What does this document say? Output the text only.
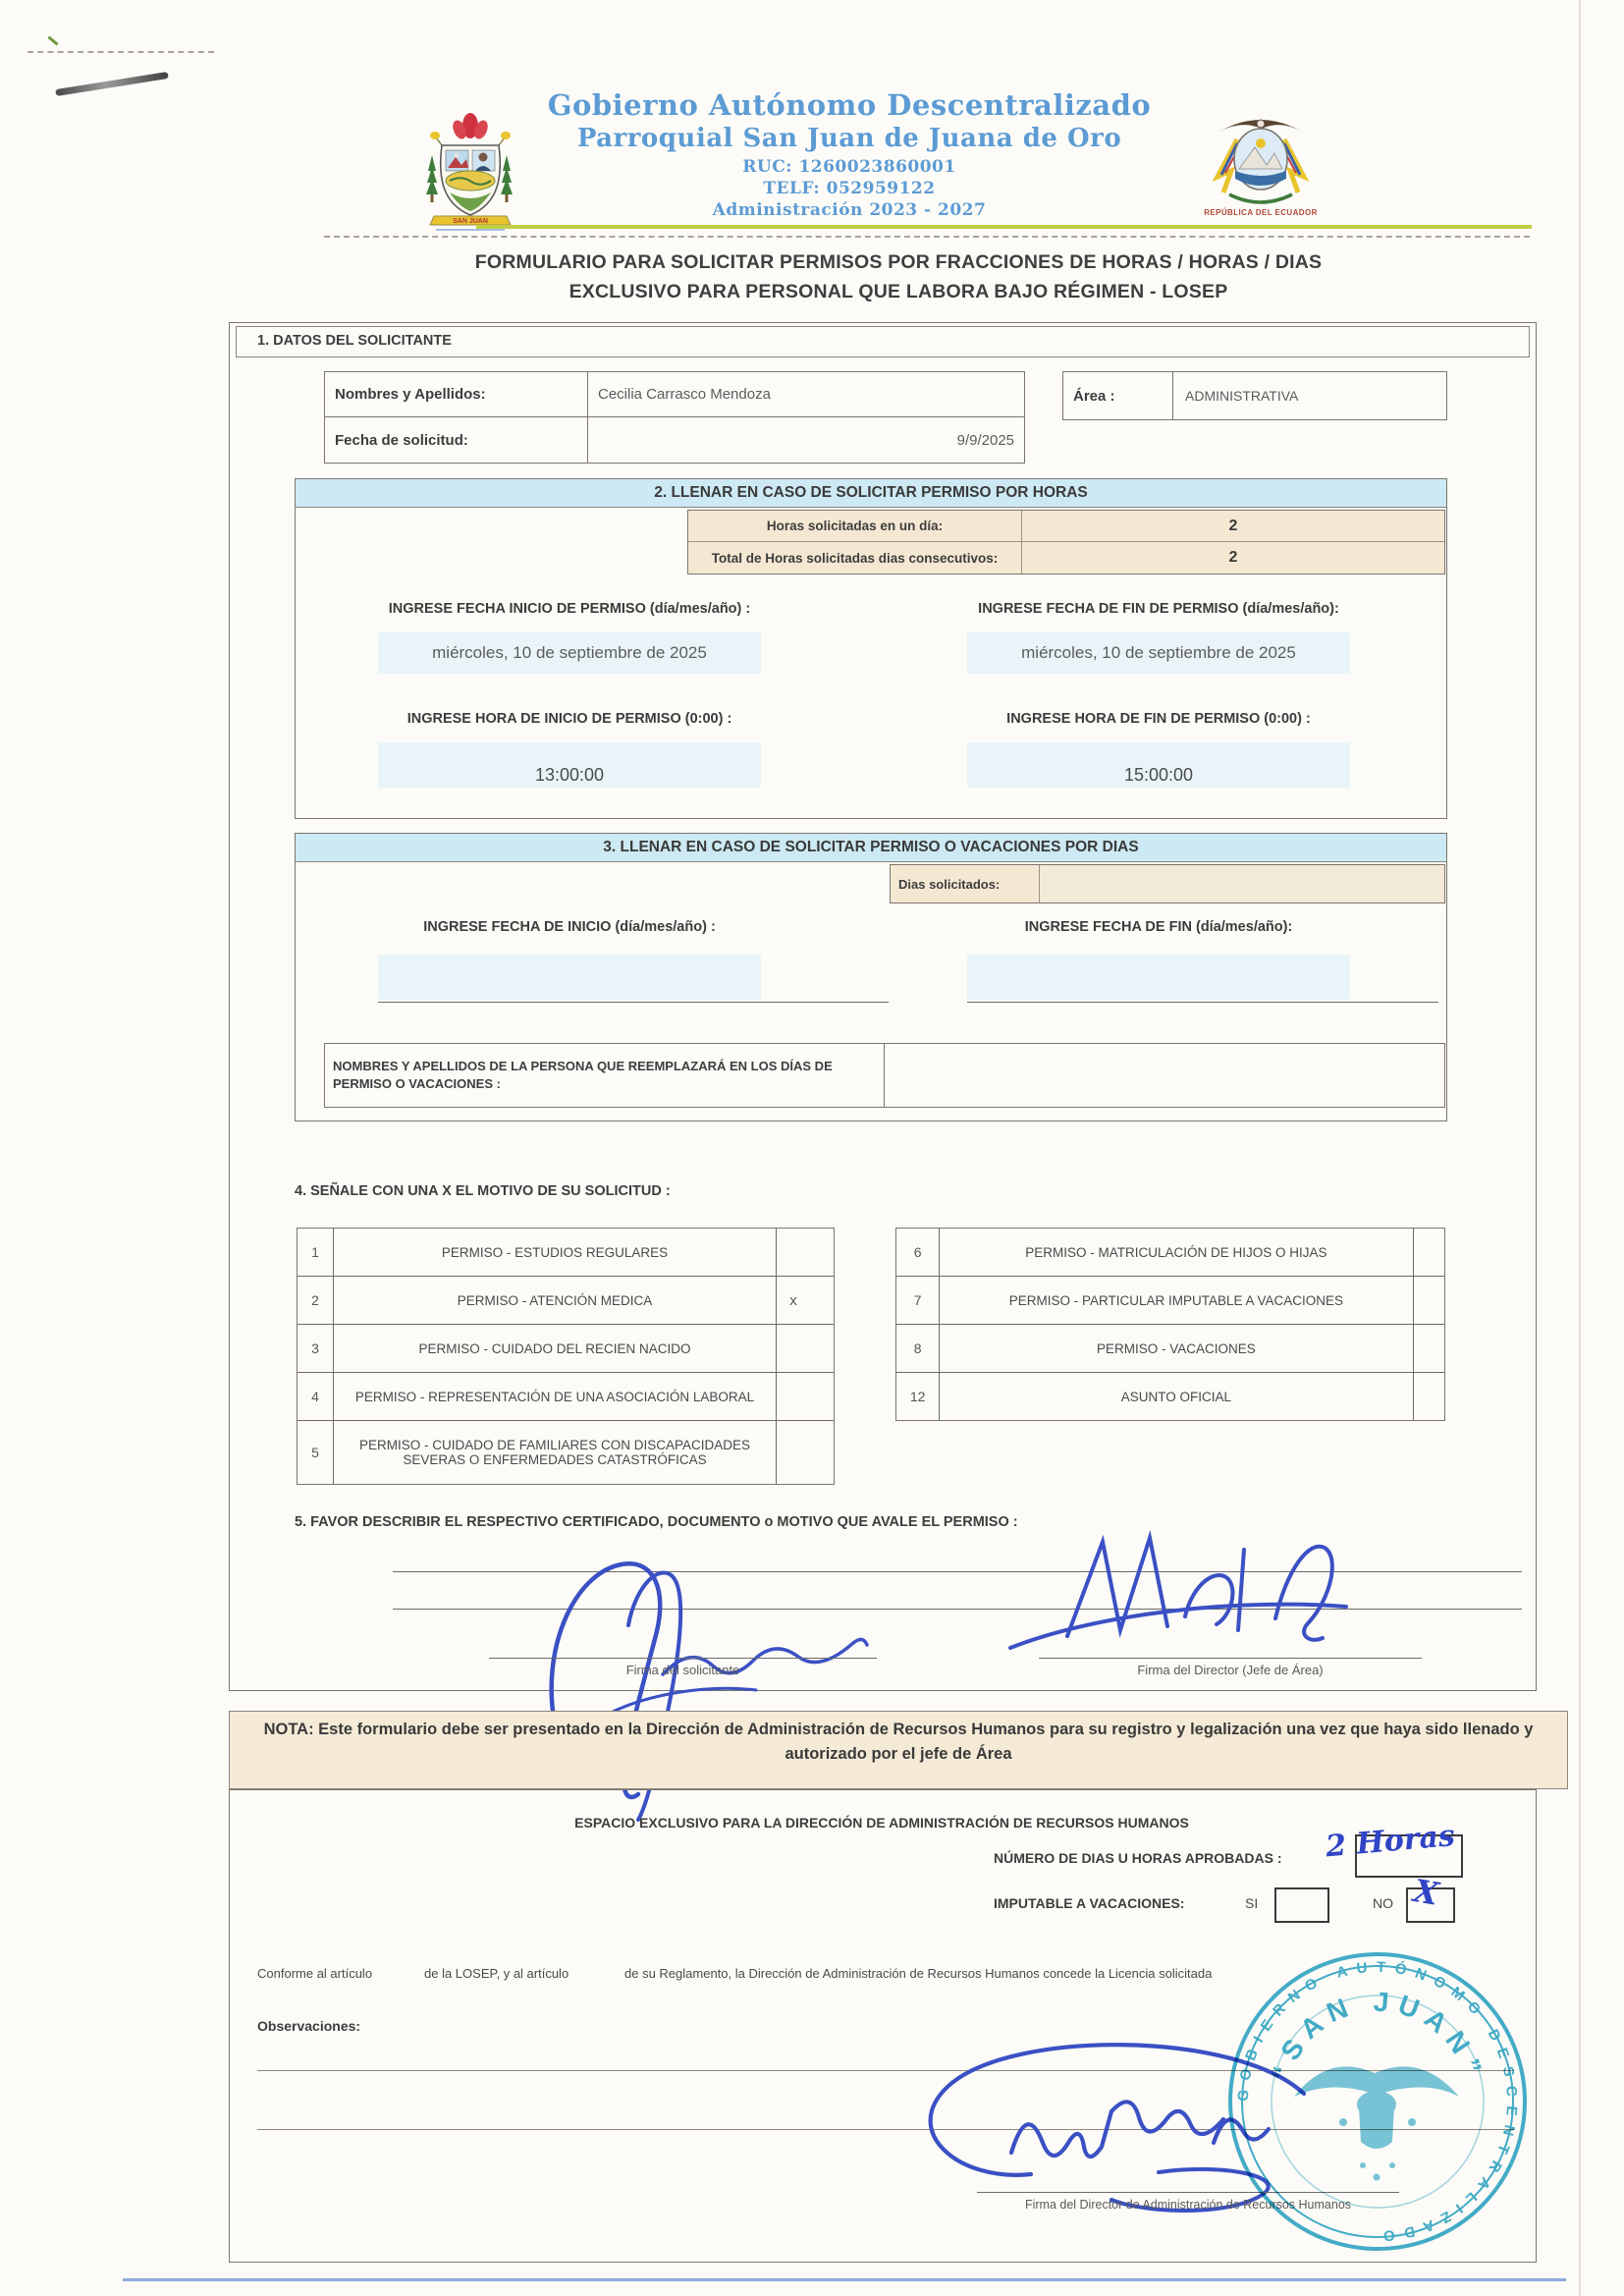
SAN JUAN
Gobierno Autónomo Descentralizado
Parroquial San Juan de Juana de Oro
RUC: 1260023860001
TELF: 052959122
Administración 2023 - 2027	REPÚBLICA DEL ECUADOR
FORMULARIO PARA SOLICITAR PERMISOS POR FRACCIONES DE HORAS / HORAS / DIAS
EXCLUSIVO PARA PERSONAL QUE LABORA BAJO RÉGIMEN - LOSEP
1. DATOS DEL SOLICITANTE
Nombres y Apellidos:	Cecilia Carrasco Mendoza
Fecha de solicitud:	9/9/2025
Área :	ADMINISTRATIVA
2. LLENAR EN CASO DE SOLICITAR PERMISO POR HORAS
Horas solicitadas en un día:	2
Total de Horas solicitadas dias consecutivos:	2
INGRESE FECHA INICIO DE PERMISO (día/mes/año) :	INGRESE FECHA DE FIN DE PERMISO (día/mes/año):
miércoles, 10 de septiembre de 2025	miércoles, 10 de septiembre de 2025
INGRESE HORA DE INICIO DE PERMISO (0:00) :	INGRESE HORA DE FIN DE PERMISO (0:00) :
13:00:00	15:00:00
3. LLENAR EN CASO DE SOLICITAR PERMISO O VACACIONES POR DIAS
Dias solicitados:
INGRESE FECHA DE INICIO (día/mes/año) :	INGRESE FECHA DE FIN (día/mes/año):
NOMBRES Y APELLIDOS DE LA PERSONA QUE REEMPLAZARÁ EN LOS DÍAS DE PERMISO O VACACIONES :
4. SEÑALE CON UNA X EL MOTIVO DE SU SOLICITUD :
1	PERMISO - ESTUDIOS REGULARES
2	PERMISO - ATENCIÓN MEDICA	x
3	PERMISO - CUIDADO DEL RECIEN NACIDO
4	PERMISO - REPRESENTACIÓN DE UNA ASOCIACIÓN LABORAL
5	PERMISO - CUIDADO DE FAMILIARES CON DISCAPACIDADES SEVERAS O ENFERMEDADES CATASTRÓFICAS
6	PERMISO - MATRICULACIÓN DE HIJOS O HIJAS
7	PERMISO - PARTICULAR IMPUTABLE A VACACIONES
8	PERMISO - VACACIONES
12	ASUNTO OFICIAL
5. FAVOR DESCRIBIR EL RESPECTIVO CERTIFICADO, DOCUMENTO o MOTIVO QUE AVALE EL PERMISO :
Firma del solicitante	Firma del Director (Jefe de Área)
NOTA: Este formulario debe ser presentado en la Dirección de Administración de Recursos Humanos para su registro y legalización una vez que haya sido llenado y autorizado por el jefe de Área
ESPACIO EXCLUSIVO PARA LA DIRECCIÓN DE ADMINISTRACIÓN DE RECURSOS HUMANOS
NÚMERO DE DIAS U HORAS APROBADAS : 2 Horas
IMPUTABLE A VACACIONES:	SI	NO X
Conforme al artículo	de la LOSEP, y al artículo	de su Reglamento, la Dirección de Administración de Recursos Humanos concede la Licencia solicitada
Observaciones:
Firma del Director de Administración de Recursos Humanos
GOBIERNO AUTÓNOMO DESCENTRALIZADO
“SAN JUAN”
